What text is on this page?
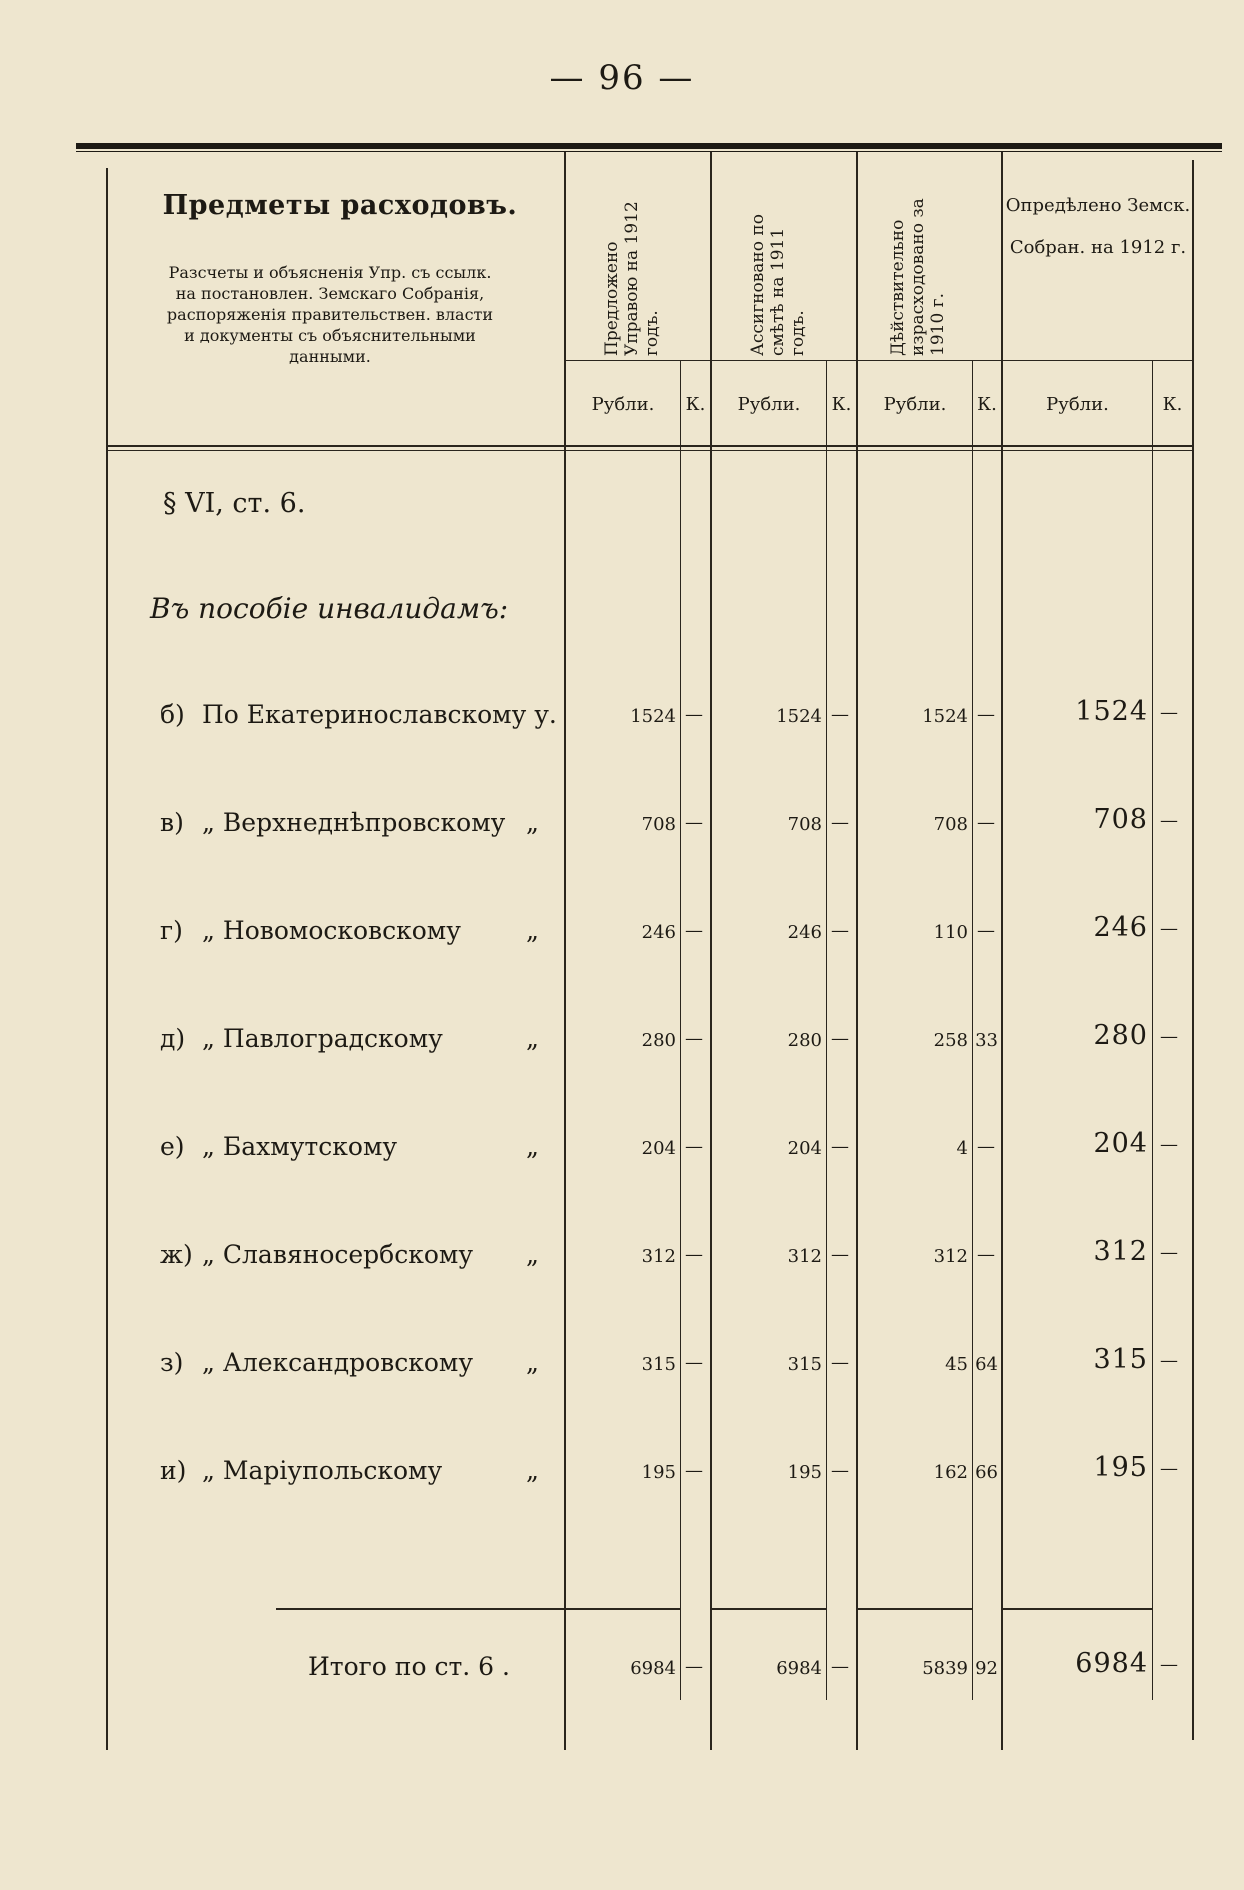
— 96 —
Предметы расходовъ.
Разсчеты и объясненія Упр. съ ссылк. на постановлен. Земскаго Собранія, распоряженія правительствен. власти и документы съ объяснительными данными.
Предложено Управою на 1912 годъ.	Ассигновано по смѣтѣ на 1911 годъ.	Дѣйствительно израсходовано за 1910 г.
Опредѣлено Земск. Собран. на 1912 г.
Рубли.	К.	Рубли.	К.	Рубли.	К.	Рубли.	К.
§ VI, ст. 6.
Въ пособіе инвалидамъ:
б) По Екатеринославскому у.	1524 —	1524 —	1524 —	1524 —
в) „ Верхнеднѣпровскому „	708 —	708 —	708 —	708 —
г) „ Новомосковскому	„	246 —	246 —	110 —	246 —
д) „ Павлоградскому	„	280 —	280 —	258 33	280 —
е) „ Бахмутскому	„	204 —	204 —	4 —	204 —
ж) „ Славяносербскому „	312 —	312 —	312 —	312 —
з) „ Александровскому „	315 —	315 —	45 64	315 —
и) „ Маріупольскому	„	195 —	195 —	162 66	195 —
Итого по ст. 6 .	6984 —	6984 —	5839 92	6984 —
